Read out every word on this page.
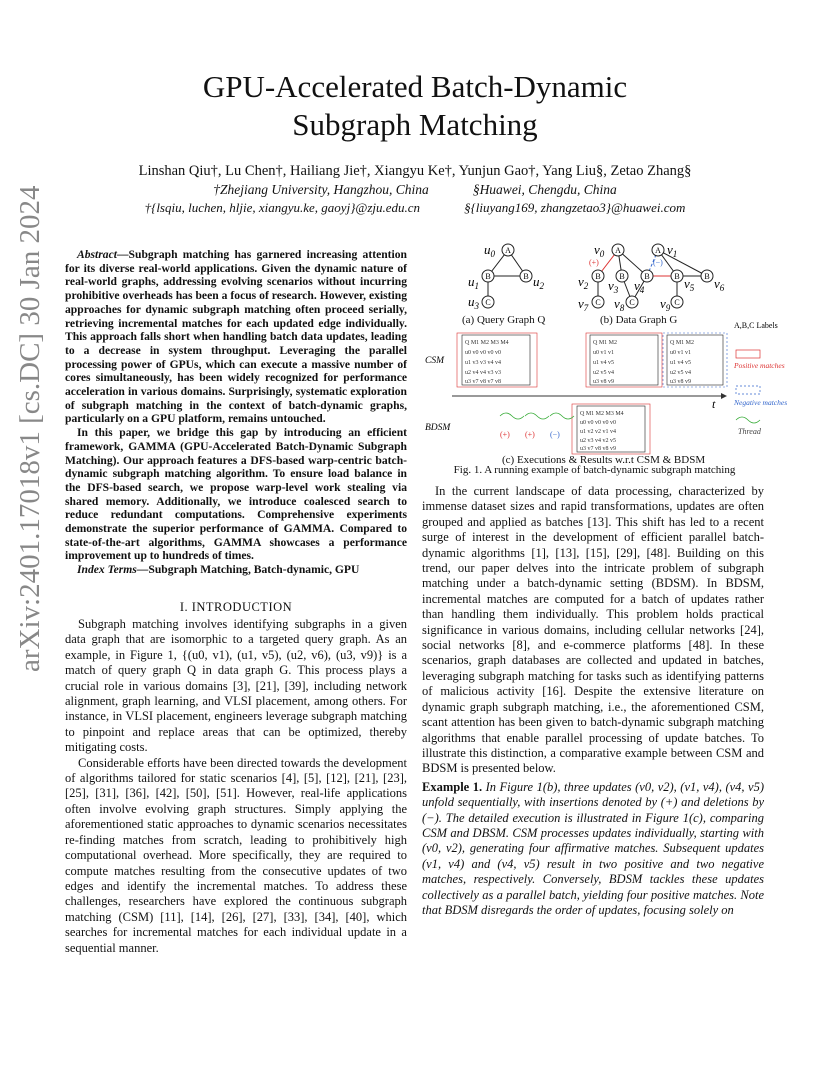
arXiv:2401.17018v1 [cs.DC] 30 Jan 2024
GPU-Accelerated Batch-Dynamic
Subgraph Matching
Linshan Qiu†, Lu Chen†, Hailiang Jie†, Xiangyu Ke†, Yunjun Gao†, Yang Liu§, Zetao Zhang§
†Zhejiang University, Hangzhou, China	§Huawei, Chengdu, China
†{lsqiu, luchen, hljie, xiangyu.ke, gaoyj}@zju.edu.cn	§{liuyang169, zhangzetao3}@huawei.com

Abstract—Subgraph matching has garnered increasing attention for its diverse real-world applications. Given the dynamic nature of real-world graphs, addressing evolving scenarios without incurring prohibitive overheads has been a focus of research. However, existing approaches for dynamic subgraph matching often proceed serially, retrieving incremental matches for each updated edge individually. This approach falls short when handling batch data updates, leading to a decrease in system throughput. Leveraging the parallel processing power of GPUs, which can execute a massive number of cores simultaneously, has been widely recognized for performance acceleration in various domains. Surprisingly, systematic exploration of subgraph matching in the context of batch-dynamic graphs, particularly on a GPU platform, remains untouched.

In this paper, we bridge this gap by introducing an efficient framework, GAMMA (GPU-Accelerated Batch-Dynamic Subgraph Matching). Our approach features a DFS-based warp-centric batch-dynamic subgraph matching algorithm. To ensure load balance in the DFS-based search, we propose warp-level work stealing via shared memory. Additionally, we introduce coalesced search to reduce redundant computations. Comprehensive experiments demonstrate the superior performance of GAMMA. Compared to state-of-the-art algorithms, GAMMA showcases a performance improvement up to hundreds of times.

Index Terms—Subgraph Matching, Batch-dynamic, GPU

I. INTRODUCTION

Subgraph matching involves identifying subgraphs in a given data graph that are isomorphic to a targeted query graph. As an example, in Figure 1, {(u0, v1), (u1, v5), (u2, v6), (u3, v9)} is a match of query graph Q in data graph G. This process plays a crucial role in various domains [3], [21], [39], including network alignment, graph learning, and VLSI placement, among others. For instance, in VLSI placement, engineers leverage subgraph matching to pinpoint and replace areas that can be optimized, thereby mitigating costs.

Considerable efforts have been directed towards the development of algorithms tailored for static scenarios [4], [5], [12], [21], [23], [25], [31], [36], [42], [50], [51]. However, real-life applications often involve evolving graph structures. Simply applying the aforementioned static approaches to dynamic scenarios necessitates re-finding matches from scratch, leading to prohibitively high computational overhead. More specifically, they are required to compute matches resulting from the consecutive updates of two edges and identify the incremental matches. To address these challenges, researchers have explored the continuous subgraph matching (CSM) [11], [14], [26], [27], [33], [34], [40], which searches for incremental matches for each individual update in a sequential manner.

A
B	B
C
$u_0$
$u_1$	$u_2$
$u_3$
A	A
B B B	B	B
C	C	C
$v_0$	$v_1$
$v_2$ $v_3$ $v_4$	$v_5$ $v_6$
$v_7$ $v_8$	$v_9$
(+)	(−)
CSM
Q M1 M2 M3 M4
u0 v0 v0 v0 v0
u1 v3 v3 v4 v4
u2 v4 v4 v3 v3
u3 v7 v8 v7 v8
Q M1 M2
u0 v1 v1
u1 v4 v5
u2 v5 v4
u3 v8 v9
Q M1 M2
u0 v1 v1
u1 v4 v5
u2 v5 v4
u3 v8 v9
t
BDSM
Q M1 M2 M3 M4
u0 v0 v0 v0 v0
u1 v2 v2 v1 v4
u2 v3 v4 v2 v5
u3 v7 v8 v8 v9
(+) (+) (−)
A,B,C Labels
Positive matches
Negative matches
Thread
(a) Query Graph Q	(b) Data Graph G
(c) Executions & Results w.r.t CSM & BDSM
Fig. 1. A running example of batch-dynamic subgraph matching

In the current landscape of data processing, characterized by immense dataset sizes and rapid transformations, updates are often grouped and applied as batches [13]. This shift has led to a recent surge of interest in the development of efficient parallel batch-dynamic algorithms [1], [13], [15], [29], [48]. Building on this trend, our paper delves into the intricate problem of subgraph matching under a batch-dynamic setting (BDSM). In BDSM, incremental matches are computed for a batch of updates rather than handling them individually. This problem holds practical significance in various domains, including cellular networks [24], social networks [8], and e-commerce platforms [48]. In these scenarios, graph databases are collected and updated in batches, leveraging subgraph matching for tasks such as identifying patterns of malicious activity [16]. Despite the extensive literature on dynamic graph subgraph matching, i.e., the aforementioned CSM, scant attention has been given to batch-dynamic subgraph matching algorithms that enable parallel processing of update batches. To illustrate this distinction, a comparative example between CSM and BDSM is presented below.

Example 1. In Figure 1(b), three updates (v0, v2), (v1, v4), (v4, v5) unfold sequentially, with insertions denoted by (+) and deletions by (−). The detailed execution is illustrated in Figure 1(c), comparing CSM and DBSM. CSM processes updates individually, starting with (v0, v2), generating four affirmative matches. Subsequent updates (v1, v4) and (v4, v5) result in two positive and two negative matches, respectively. Conversely, BDSM tackles these updates collectively as a parallel batch, yielding four positive matches. Note that BDSM disregards the order of updates, focusing solely on
